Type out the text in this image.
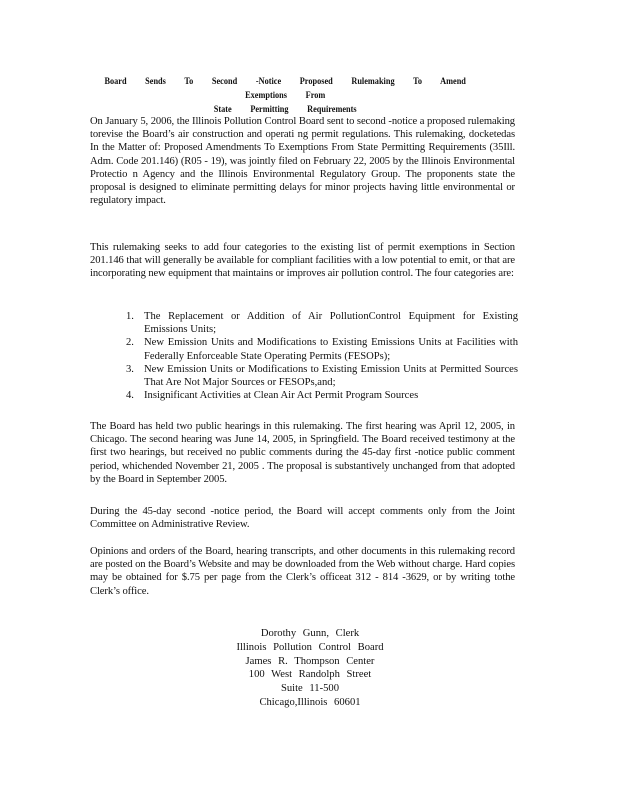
Board Sends To Second -Notice Proposed Rulemaking To Amend Exemptions From
State Permitting Requirements
On January 5, 2006, the Illinois Pollution Control Board sent to second -notice a proposed rulemaking torevise the Board’s air construction and operati ng permit regulations. This rulemaking, docketedas In the Matter of: Proposed Amendments To Exemptions From State Permitting Requirements (35Ill. Adm. Code 201.146) (R05 - 19), was jointly filed on February 22, 2005 by the Illinois Environmental Protectio n Agency and the Illinois Environmental Regulatory Group. The proponents state the proposal is designed to eliminate permitting delays for minor projects having little environmental or regulatory impact.
This rulemaking seeks to add four categories to the existing list of permit exemptions in Section 201.146 that will generally be available for compliant facilities with a low potential to emit, or that are incorporating new equipment that maintains or improves air pollution control. The four categories are:
1. The Replacement or Addition of Air PollutionControl Equipment for Existing Emissions Units;
2. New Emission Units and Modifications to Existing Emissions Units at Facilities with Federally Enforceable State Operating Permits (FESOPs);
3. New Emission Units or Modifications to Existing Emission Units at Permitted Sources That Are Not Major Sources or FESOPs,and;
4. Insignificant Activities at Clean Air Act Permit Program Sources
The Board has held two public hearings in this rulemaking. The first hearing was April 12, 2005, in Chicago. The second hearing was June 14, 2005, in Springfield. The Board received testimony at the first two hearings, but received no public comments during the 45-day first -notice public comment period, whichended November 21, 2005 . The proposal is substantively unchanged from that adopted by the Board in September 2005.
During the 45-day second -notice period, the Board will accept comments only from the Joint Committee on Administrative Review.
Opinions and orders of the Board, hearing transcripts, and other documents in this rulemaking record are posted on the Board’s Website and may be downloaded from the Web without charge. Hard copies may be obtained for $.75 per page from the Clerk’s officeat 312 - 814 -3629, or by writing tothe Clerk’s office.
Dorothy Gunn, Clerk
Illinois Pollution Control Board
James R. Thompson Center
100 West Randolph Street
Suite 11-500
Chicago,Illinois 60601
